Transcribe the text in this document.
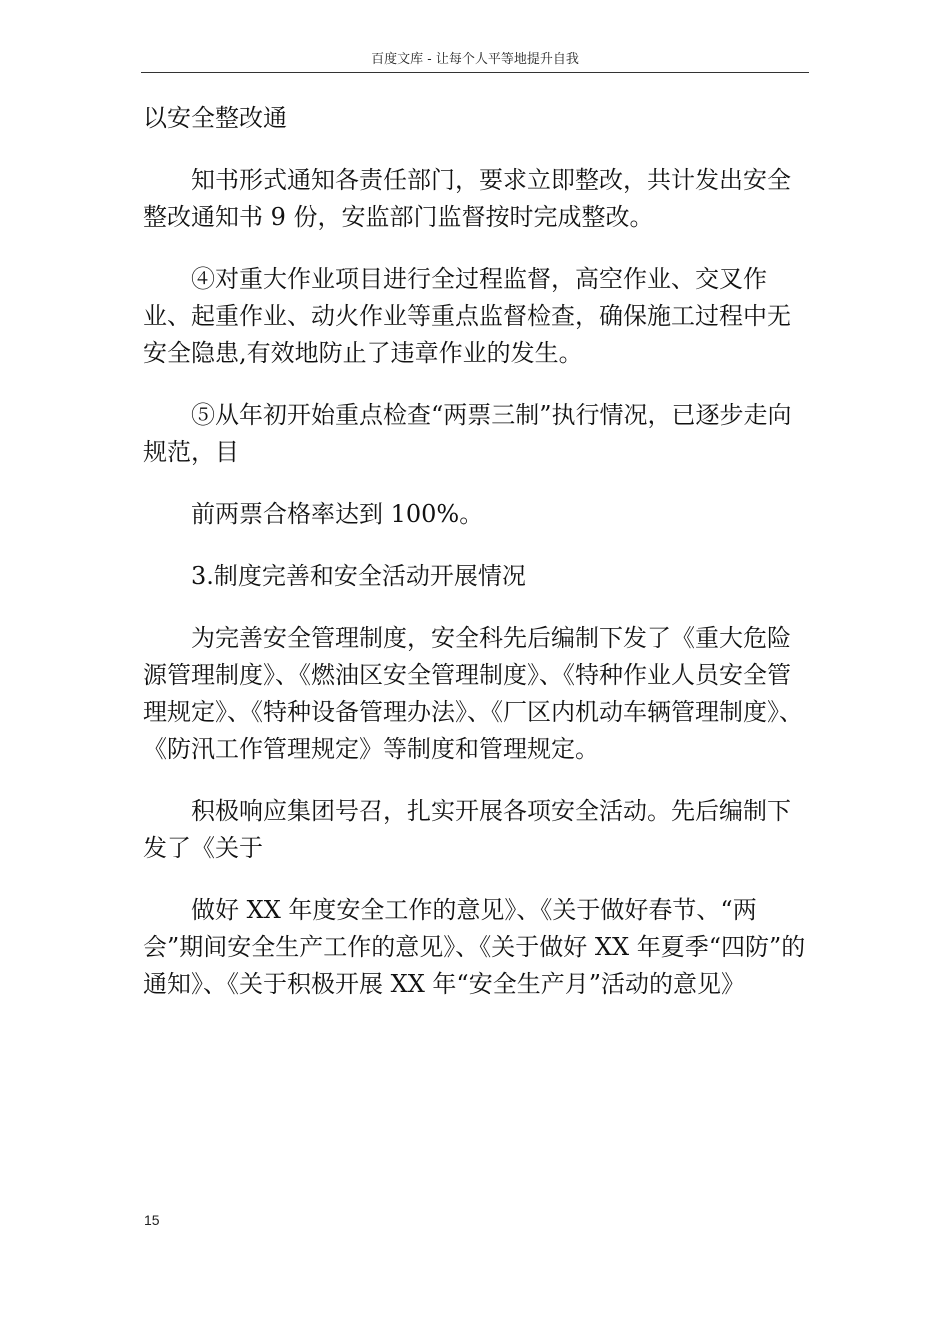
百度文库 - 让每个人平等地提升自我

以安全整改通

知书形式通知各责任部门，要求立即整改，共计发出安全整改通知书 9 份，安监部门监督按时完成整改。

④对重大作业项目进行全过程监督，高空作业、交叉作业、起重作业、动火作业等重点监督检查，确保施工过程中无安全隐患,有效地防止了违章作业的发生。

⑤从年初开始重点检查“两票三制”执行情况，已逐步走向规范，目

前两票合格率达到 100%。

3.制度完善和安全活动开展情况

为完善安全管理制度，安全科先后编制下发了《重大危险源管理制度》、《燃油区安全管理制度》、《特种作业人员安全管理规定》、《特种设备管理办法》、《厂区内机动车辆管理制度》、《防汛工作管理规定》等制度和管理规定。

积极响应集团号召，扎实开展各项安全活动。先后编制下发了《关于

做好 XX 年度安全工作的意见》、《关于做好春节、“两会”期间安全生产工作的意见》、《关于做好 XX 年夏季“四防”的通知》、《关于积极开展 XX 年“安全生产月”活动的意见》

15
